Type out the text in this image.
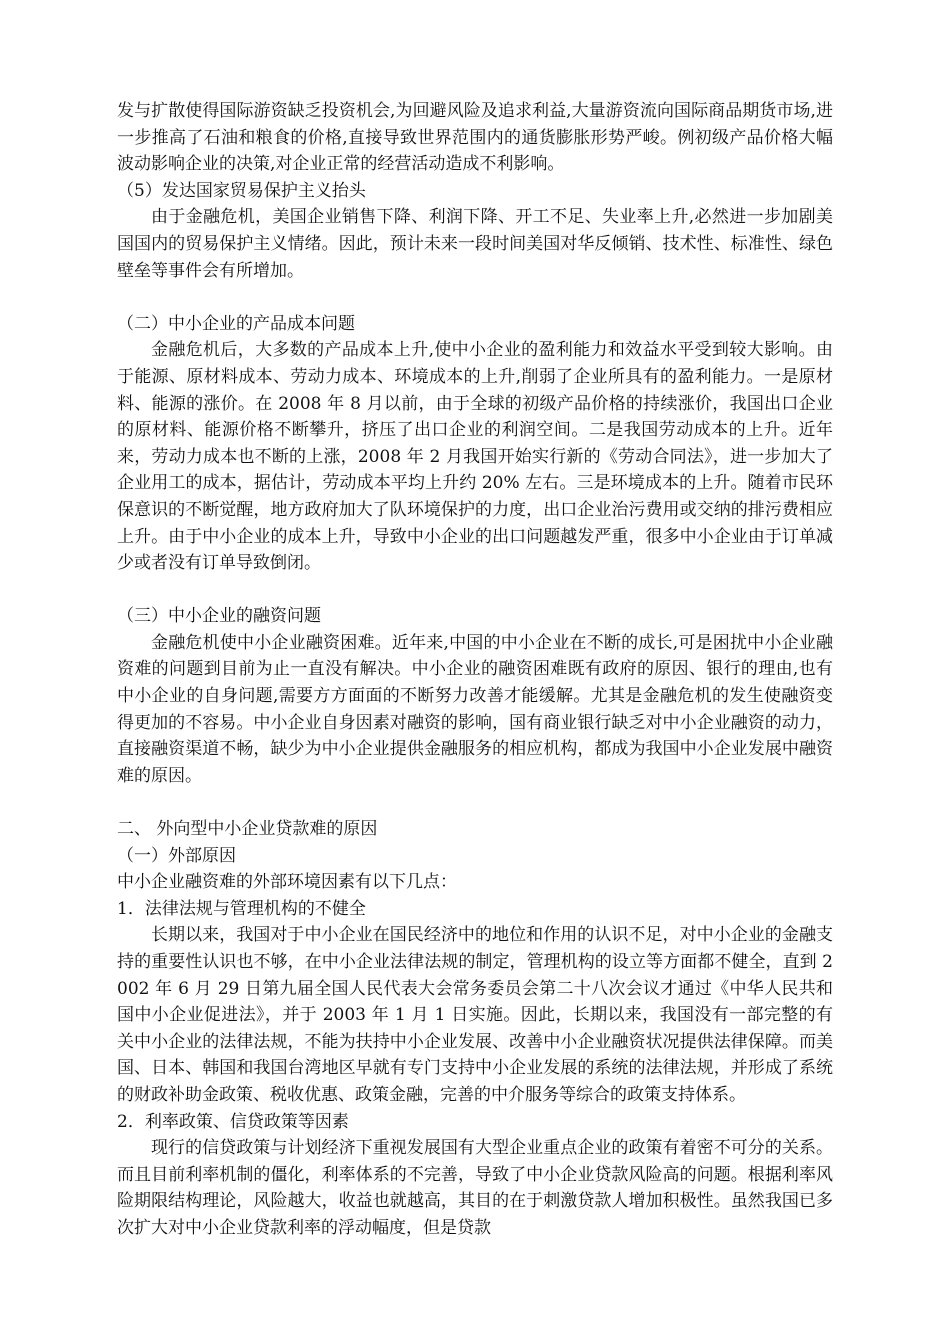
发与扩散使得国际游资缺乏投资机会,为回避风险及追求利益,大量游资流向国际商品期货市场,进一步推高了石油和粮食的价格,直接导致世界范围内的通货膨胀形势严峻。例初级产品价格大幅波动影响企业的决策,对企业正常的经营活动造成不利影响。

（5）发达国家贸易保护主义抬头

由于金融危机，美国企业销售下降、利润下降、开工不足、失业率上升,必然进一步加剧美国国内的贸易保护主义情绪。因此，预计未来一段时间美国对华反倾销、技术性、标准性、绿色壁垒等事件会有所增加。

（二）中小企业的产品成本问题

金融危机后，大多数的产品成本上升,使中小企业的盈利能力和效益水平受到较大影响。由于能源、原材料成本、劳动力成本、环境成本的上升,削弱了企业所具有的盈利能力。一是原材料、能源的涨价。在 2008 年 8 月以前，由于全球的初级产品价格的持续涨价，我国出口企业的原材料、能源价格不断攀升，挤压了出口企业的利润空间。二是我国劳动成本的上升。近年来，劳动力成本也不断的上涨，2008 年 2 月我国开始实行新的《劳动合同法》，进一步加大了企业用工的成本，据估计，劳动成本平均上升约 20% 左右。三是环境成本的上升。随着市民环保意识的不断觉醒，地方政府加大了队环境保护的力度，出口企业治污费用或交纳的排污费相应上升。由于中小企业的成本上升，导致中小企业的出口问题越发严重，很多中小企业由于订单减少或者没有订单导致倒闭。

（三）中小企业的融资问题

金融危机使中小企业融资困难。近年来,中国的中小企业在不断的成长,可是困扰中小企业融资难的问题到目前为止一直没有解决。中小企业的融资困难既有政府的原因、银行的理由,也有中小企业的自身问题,需要方方面面的不断努力改善才能缓解。尤其是金融危机的发生使融资变得更加的不容易。中小企业自身因素对融资的影响，国有商业银行缺乏对中小企业融资的动力，直接融资渠道不畅，缺少为中小企业提供金融服务的相应机构，都成为我国中小企业发展中融资难的原因。

二、 外向型中小企业贷款难的原因

（一）外部原因

中小企业融资难的外部环境因素有以下几点：

1．法律法规与管理机构的不健全

长期以来，我国对于中小企业在国民经济中的地位和作用的认识不足，对中小企业的金融支持的重要性认识也不够，在中小企业法律法规的制定，管理机构的设立等方面都不健全，直到 2002 年 6 月 29 日第九届全国人民代表大会常务委员会第二十八次会议才通过《中华人民共和国中小企业促进法》，并于 2003 年 1 月 1 日实施。因此，长期以来，我国没有一部完整的有关中小企业的法律法规，不能为扶持中小企业发展、改善中小企业融资状况提供法律保障。而美国、日本、韩国和我国台湾地区早就有专门支持中小企业发展的系统的法律法规，并形成了系统的财政补助金政策、税收优惠、政策金融，完善的中介服务等综合的政策支持体系。

2．利率政策、信贷政策等因素

现行的信贷政策与计划经济下重视发展国有大型企业重点企业的政策有着密不可分的关系。而且目前利率机制的僵化，利率体系的不完善，导致了中小企业贷款风险高的问题。根据利率风险期限结构理论，风险越大，收益也就越高，其目的在于刺激贷款人增加积极性。虽然我国已多次扩大对中小企业贷款利率的浮动幅度，但是贷款
